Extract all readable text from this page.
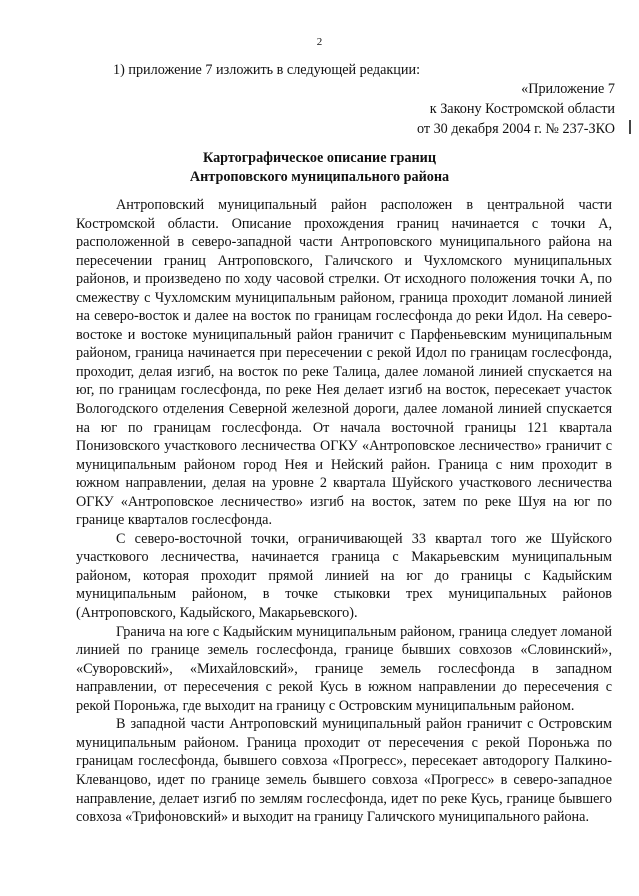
2
1) приложение 7 изложить в следующей редакции:
«Приложение 7
к Закону Костромской области
от 30 декабря 2004 г. № 237-ЗКО
Картографическое описание границ
Антроповского муниципального района

Антроповский муниципальный район расположен в центральной части Костромской области. Описание прохождения границ начинается с точки А, расположенной в северо-западной части Антроповского муниципального района на пересечении границ Антроповского, Галичского и Чухломского муниципальных районов, и произведено по ходу часовой стрелки. От исходного положения точки А, по смежеству с Чухломским муниципальным районом, граница проходит ломаной линией на северо-восток и далее на восток по границам гослесфонда до реки Идол. На северо-востоке и востоке муниципальный район граничит с Парфеньевским муниципальным районом, граница начинается при пересечении с рекой Идол по границам гослесфонда, проходит, делая изгиб, на восток по реке Талица, далее ломаной линией спускается на юг, по границам гослесфонда, по реке Нея делает изгиб на восток, пересекает участок Вологодского отделения Северной железной дороги, далее ломаной линией спускается на юг по границам гослесфонда. От начала восточной границы 121 квартала Понизовского участкового лесничества ОГКУ «Антроповское лесничество» граничит с муниципальным районом город Нея и Нейский район. Граница с ним проходит в южном направлении, делая на уровне 2 квартала Шуйского участкового лесничества ОГКУ «Антроповское лесничество» изгиб на восток, затем по реке Шуя на юг по границе кварталов гослесфонда.

С северо-восточной точки, ограничивающей 33 квартал того же Шуйского участкового лесничества, начинается граница с Макарьевским муниципальным районом, которая проходит прямой линией на юг до границы с Кадыйским муниципальным районом, в точке стыковки трех муниципальных районов (Антроповского, Кадыйского, Макарьевского).

Гранича на юге с Кадыйским муниципальным районом, граница следует ломаной линией по границе земель гослесфонда, границе бывших совхозов «Словинский», «Суворовский», «Михайловский», границе земель гослесфонда в западном направлении, от пересечения с рекой Кусь в южном направлении до пересечения с рекой Пороньжа, где выходит на границу с Островским муниципальным районом.

В западной части Антроповский муниципальный район граничит с Островским муниципальным районом. Граница проходит от пересечения с рекой Пороньжа по границам гослесфонда, бывшего совхоза «Прогресс», пересекает автодорогу Палкино-Клеванцово, идет по границе земель бывшего совхоза «Прогресс» в северо-западное направление, делает изгиб по землям гослесфонда, идет по реке Кусь, границе бывшего совхоза «Трифоновский» и выходит на границу Галичского муниципального района.
